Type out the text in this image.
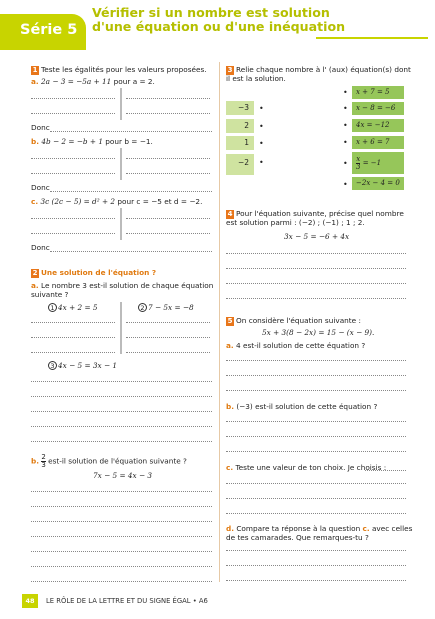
Série 5
Vérifier si un nombre est solution
d'une équation ou d'une inéquation
1 Teste les égalités pour les valeurs proposées.
a. 2a − 3 = −5a + 11 pour a = 2.
Donc
b. 4b − 2 = −b + 1 pour b = −1.
Donc
c. 3c (2c − 5) = d² + 2 pour c = −5 et d = −2.
Donc
2 Une solution de l'équation ?
a. Le nombre 3 est-il solution de chaque équation
suivante ?
1 4x + 2 = 5	2 7 − 5x = −8
3 4x − 5 = 3x − 1
b. $\frac{2}{3} est-il$ solution de l'équation suivante ?
7x − 5 = 4x − 3
3 Relie chaque nombre à l' (aux) équation(s) dont
il est la solution.
−3
2
1
−2
•
•
•
•
•
•
•
•
•
•
x + 7 = 5
x − 8 = −6
4x = −12
x + 6 = 7
$\frac{x}{3} = -1$
−2x − 4 = 0
4 Pour l'équation suivante, précise quel nombre
est solution parmi : (−2) ; (−1) ; 1 ; 2.
3x − 5 = −6 + 4x
5 On considère l'équation suivante :
5x + 3(8 − 2x) = 15 − (x − 9).
a. 4 est-il solution de cette équation ?
b. (−3) est-il solution de cette équation ?
c. Teste une valeur de ton choix. Je choisis :
d. Compare ta réponse à la question c. avec celles
de tes camarades. Que remarques-tu ?
48	LE RÔLE DE LA LETTRE ET DU SIGNE ÉGAL • A6
